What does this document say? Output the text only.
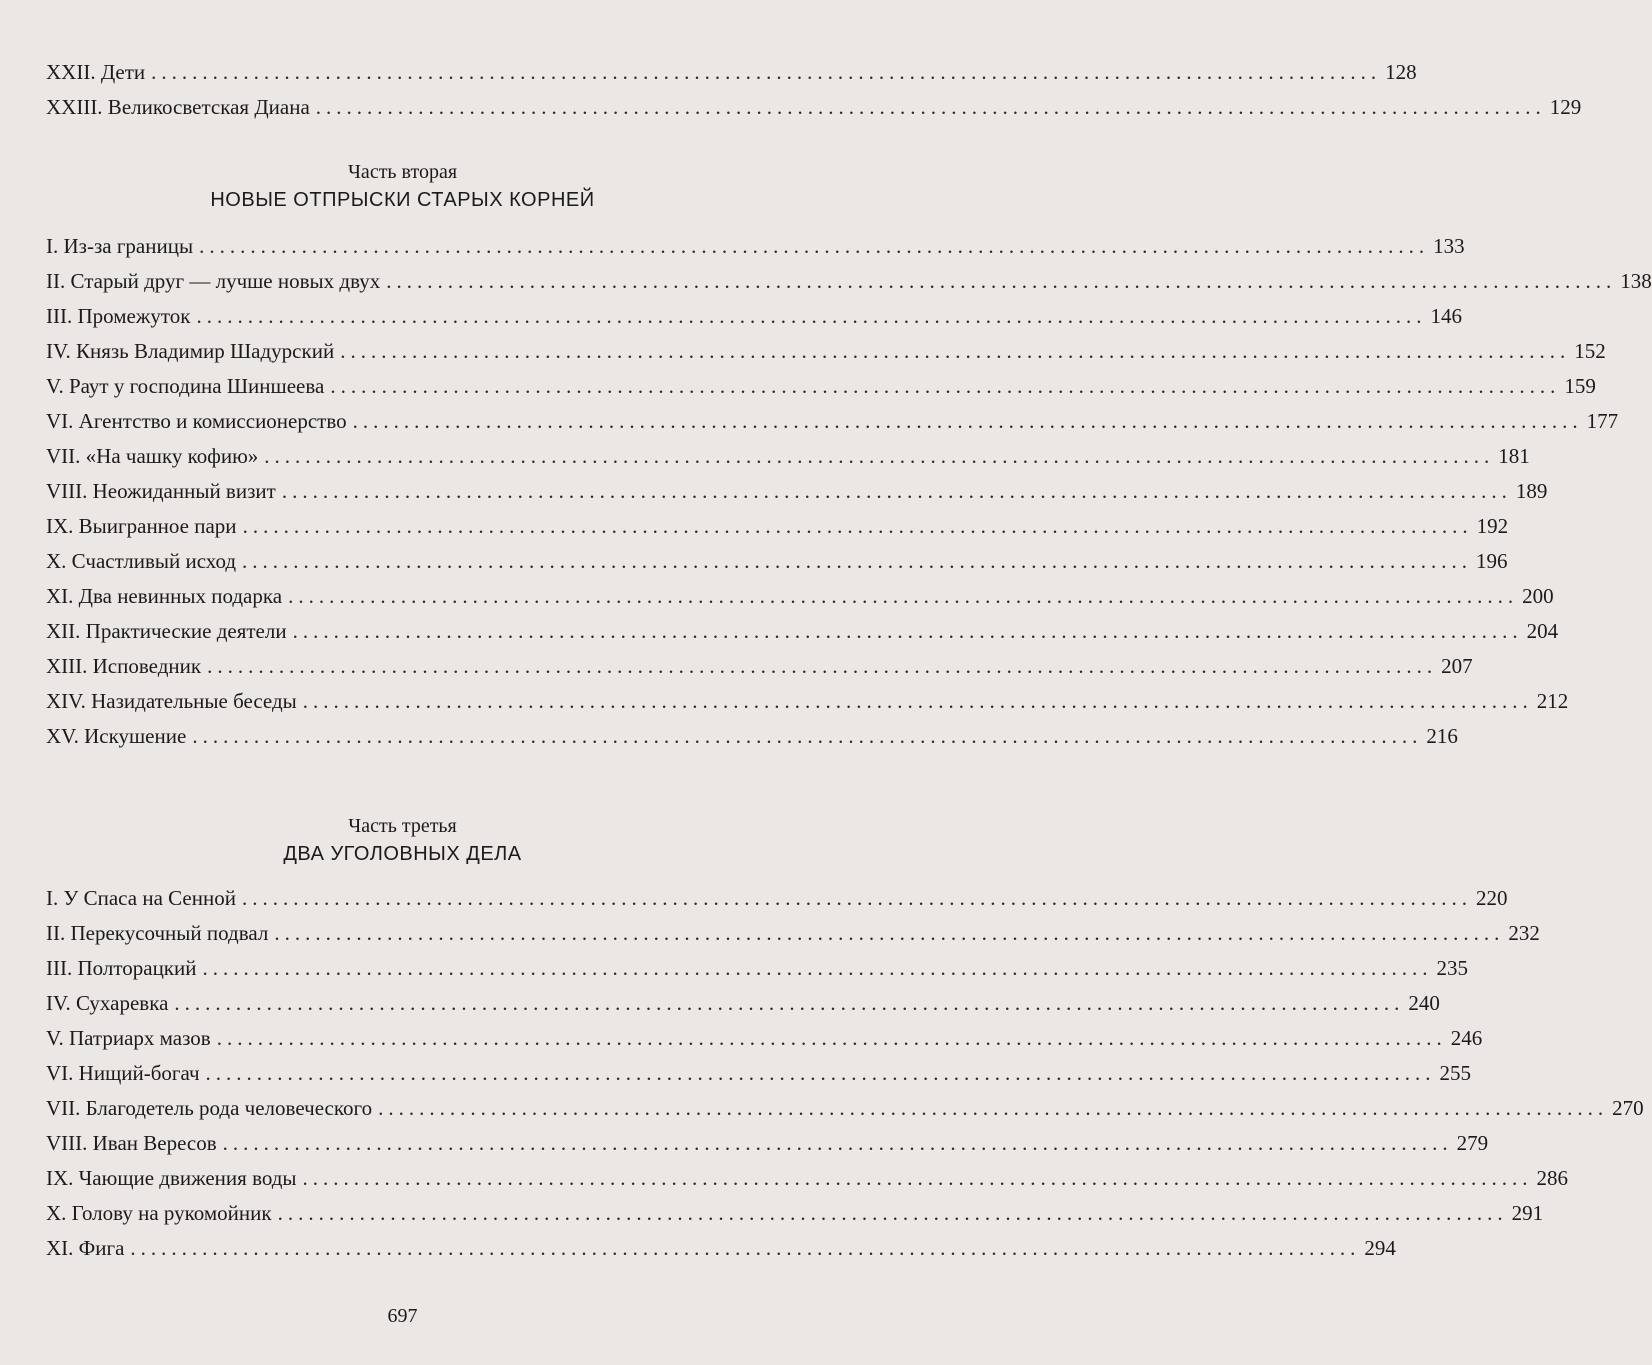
XXII. Дети ........................................................................................................................ 128
XXIII. Великосветская Диана ........................................................................................................................ 129
Часть вторая
НОВЫЕ ОТПРЫСКИ СТАРЫХ КОРНЕЙ
I. Из-за границы ........................................................................................................................ 133
II. Старый друг — лучше новых двух ........................................................................................................................ 138
III. Промежуток ........................................................................................................................ 146
IV. Князь Владимир Шадурский ........................................................................................................................ 152
V. Раут у господина Шиншеева ........................................................................................................................ 159
VI. Агентство и комиссионерство ........................................................................................................................ 177
VII. «На чашку кофию» ........................................................................................................................ 181
VIII. Неожиданный визит ........................................................................................................................ 189
IX. Выигранное пари ........................................................................................................................ 192
X. Счастливый исход ........................................................................................................................ 196
XI. Два невинных подарка ........................................................................................................................ 200
XII. Практические деятели ........................................................................................................................ 204
XIII. Исповедник ........................................................................................................................ 207
XIV. Назидательные беседы ........................................................................................................................ 212
XV. Искушение ........................................................................................................................ 216
Часть третья
ДВА УГОЛОВНЫХ ДЕЛА
I. У Спаса на Сенной ........................................................................................................................ 220
II. Перекусочный подвал ........................................................................................................................ 232
III. Полторацкий ........................................................................................................................ 235
IV. Сухаревка ........................................................................................................................ 240
V. Патриарх мазов ........................................................................................................................ 246
VI. Нищий-богач ........................................................................................................................ 255
VII. Благодетель рода человеческого ........................................................................................................................ 270
VIII. Иван Вересов ........................................................................................................................ 279
IX. Чающие движения воды ........................................................................................................................ 286
X. Голову на рукомойник ........................................................................................................................ 291
XI. Фига ........................................................................................................................ 294
697
